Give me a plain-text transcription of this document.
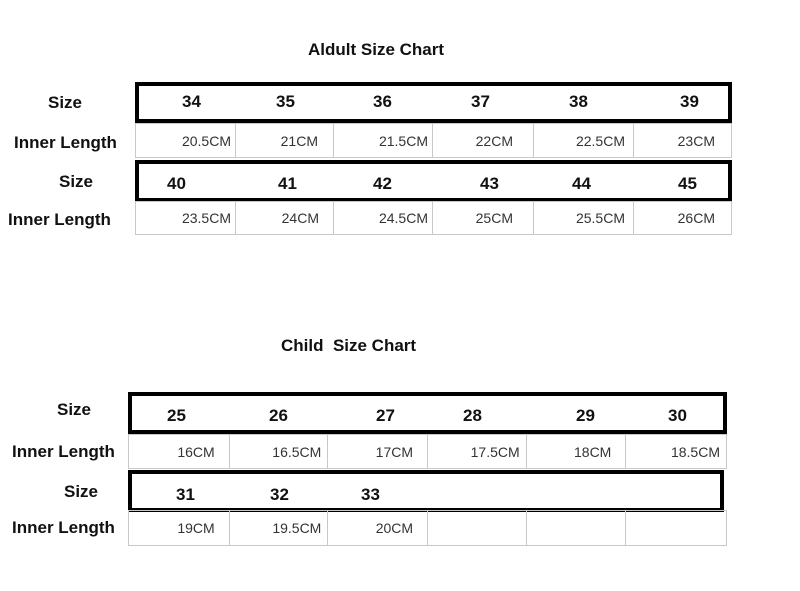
Aldult Size Chart
Size	34	35	36	37	38	39
Inner Length	20.5CM	21CM	21.5CM	22CM	22.5CM	23CM
Size	40	41	42	43	44	45
Inner Length	23.5CM	24CM	24.5CM	25CM	25.5CM	26CM
Child  Size Chart
Size	25	26	27	28	29	30
Inner Length	16CM	16.5CM	17CM	17.5CM	18CM	18.5CM
Size	31	32	33
Inner Length	19CM	19.5CM	20CM
